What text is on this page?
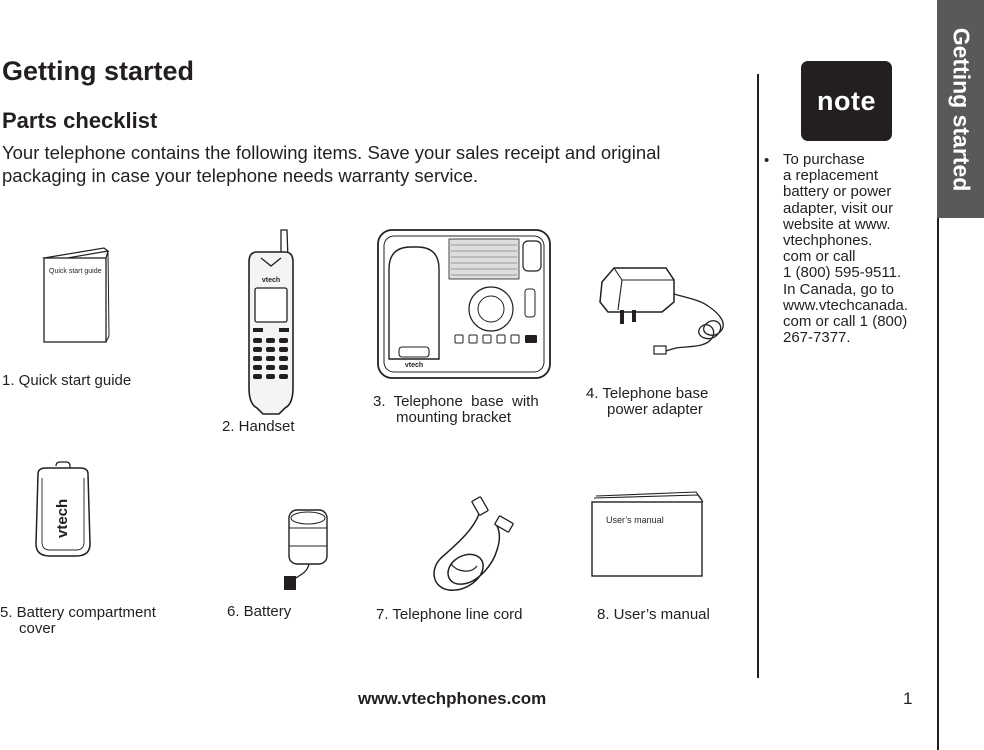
Getting started
Parts checklist

Your telephone contains the following items. Save your sales receipt and original packaging in case your telephone needs warranty service.

Quick start guide
1. Quick start guide
vtech
2. Handset
vtech
3.  Telephone  base  with
mounting bracket
4. Telephone base
power adapter
vtech
5. Battery compartment
cover
6. Battery	7. Telephone line cord
User’s manual
8. User’s manual
note
• To purchase
a replacement
battery or power
adapter, visit our
website at www.
vtechphones.
com or call
1 (800) 595-9511.
In Canada, go to
www.vtechcanada.
com or call 1 (800)
267-7377.
Getting started
www.vtechphones.com	1
